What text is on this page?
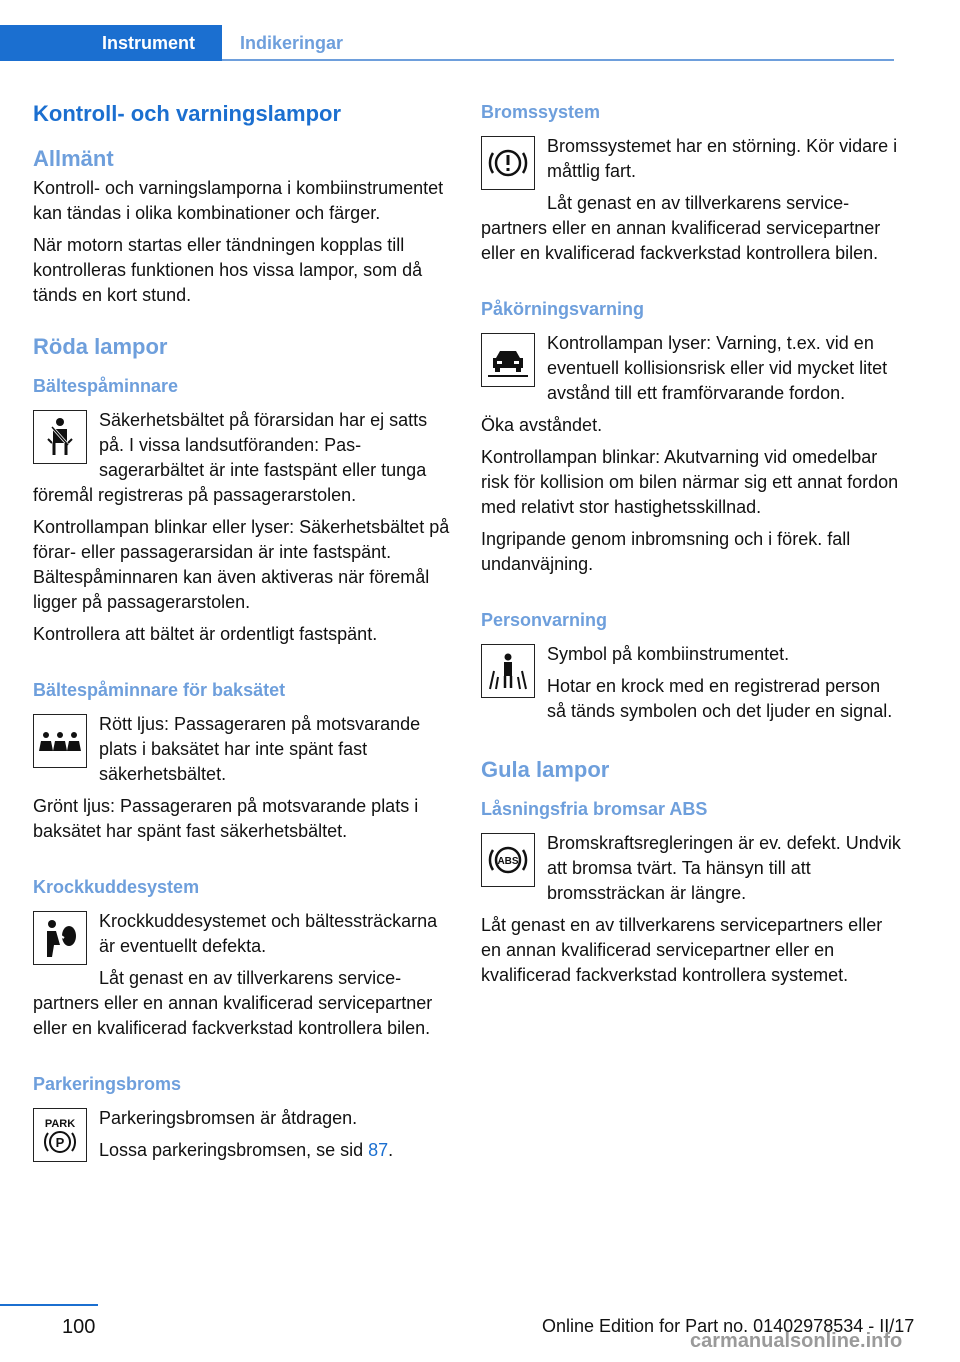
Instrument Indikeringar
Kontroll- och varningslampor
Allmänt

Kontroll- och varningslamporna i kombiinstrumentet kan tändas i olika kombinationer och färger.

När motorn startas eller tändningen kopplas till kontrolleras funktionen hos vissa lampor, som då tänds en kort stund.

Röda lampor
Bältespåminnare

Säkerhetsbältet på förarsidan har ej satts på. I vissa landsutföranden: Passagerarbältet är inte fastspänt eller tunga föremål registreras på passagerarstolen.

Kontrollampan blinkar eller lyser: Säkerhetsbältet på förar- eller passagerarsidan är inte fastspänt. Bältespåminnaren kan även aktiveras när föremål ligger på passagerarstolen.

Kontrollera att bältet är ordentligt fastspänt.

Bältespåminnare för baksätet

Rött ljus: Passageraren på motsvarande plats i baksätet har inte spänt fast säkerhetsbältet.

Grönt ljus: Passageraren på motsvarande plats i baksätet har spänt fast säkerhetsbältet.

Krockkuddesystem

Krockkuddesystemet och bältessträckarna är eventuellt defekta.

Låt genast en av tillverkarens servicepartners eller en annan kvalificerad servicepartner eller en kvalificerad fackverkstad kontrollera bilen.

Parkeringsbroms
PARK
P

Parkeringsbromsen är åtdragen.

Lossa parkeringsbromsen, se sid 87.

Bromssystem

Bromssystemet har en störning. Kör vidare i måttlig fart.

Låt genast en av tillverkarens servicepartners eller en annan kvalificerad servicepartner eller en kvalificerad fackverkstad kontrollera bilen.

Påkörningsvarning

Kontrollampan lyser: Varning, t.ex. vid en eventuell kollisionsrisk eller vid mycket litet avstånd till ett framförvarande fordon.

Öka avståndet.

Kontrollampan blinkar: Akutvarning vid omedelbar risk för kollision om bilen närmar sig ett annat fordon med relativt stor hastighetsskillnad.

Ingripande genom inbromsning och i förek. fall undanväjning.

Personvarning

Symbol på kombiinstrumentet.

Hotar en krock med en registrerad person så tänds symbolen och det ljuder en signal.

Gula lampor
Låsningsfria bromsar ABS
ABS

Bromskraftsregleringen är ev. defekt. Undvik att bromsa tvärt. Ta hänsyn till att bromssträckan är längre.

Låt genast en av tillverkarens servicepartners eller en annan kvalificerad servicepartner eller en kvalificerad fackverkstad kontrollera systemet.

100	Online Edition for Part no. 01402978534 - II/17
carmanualsonline.info
